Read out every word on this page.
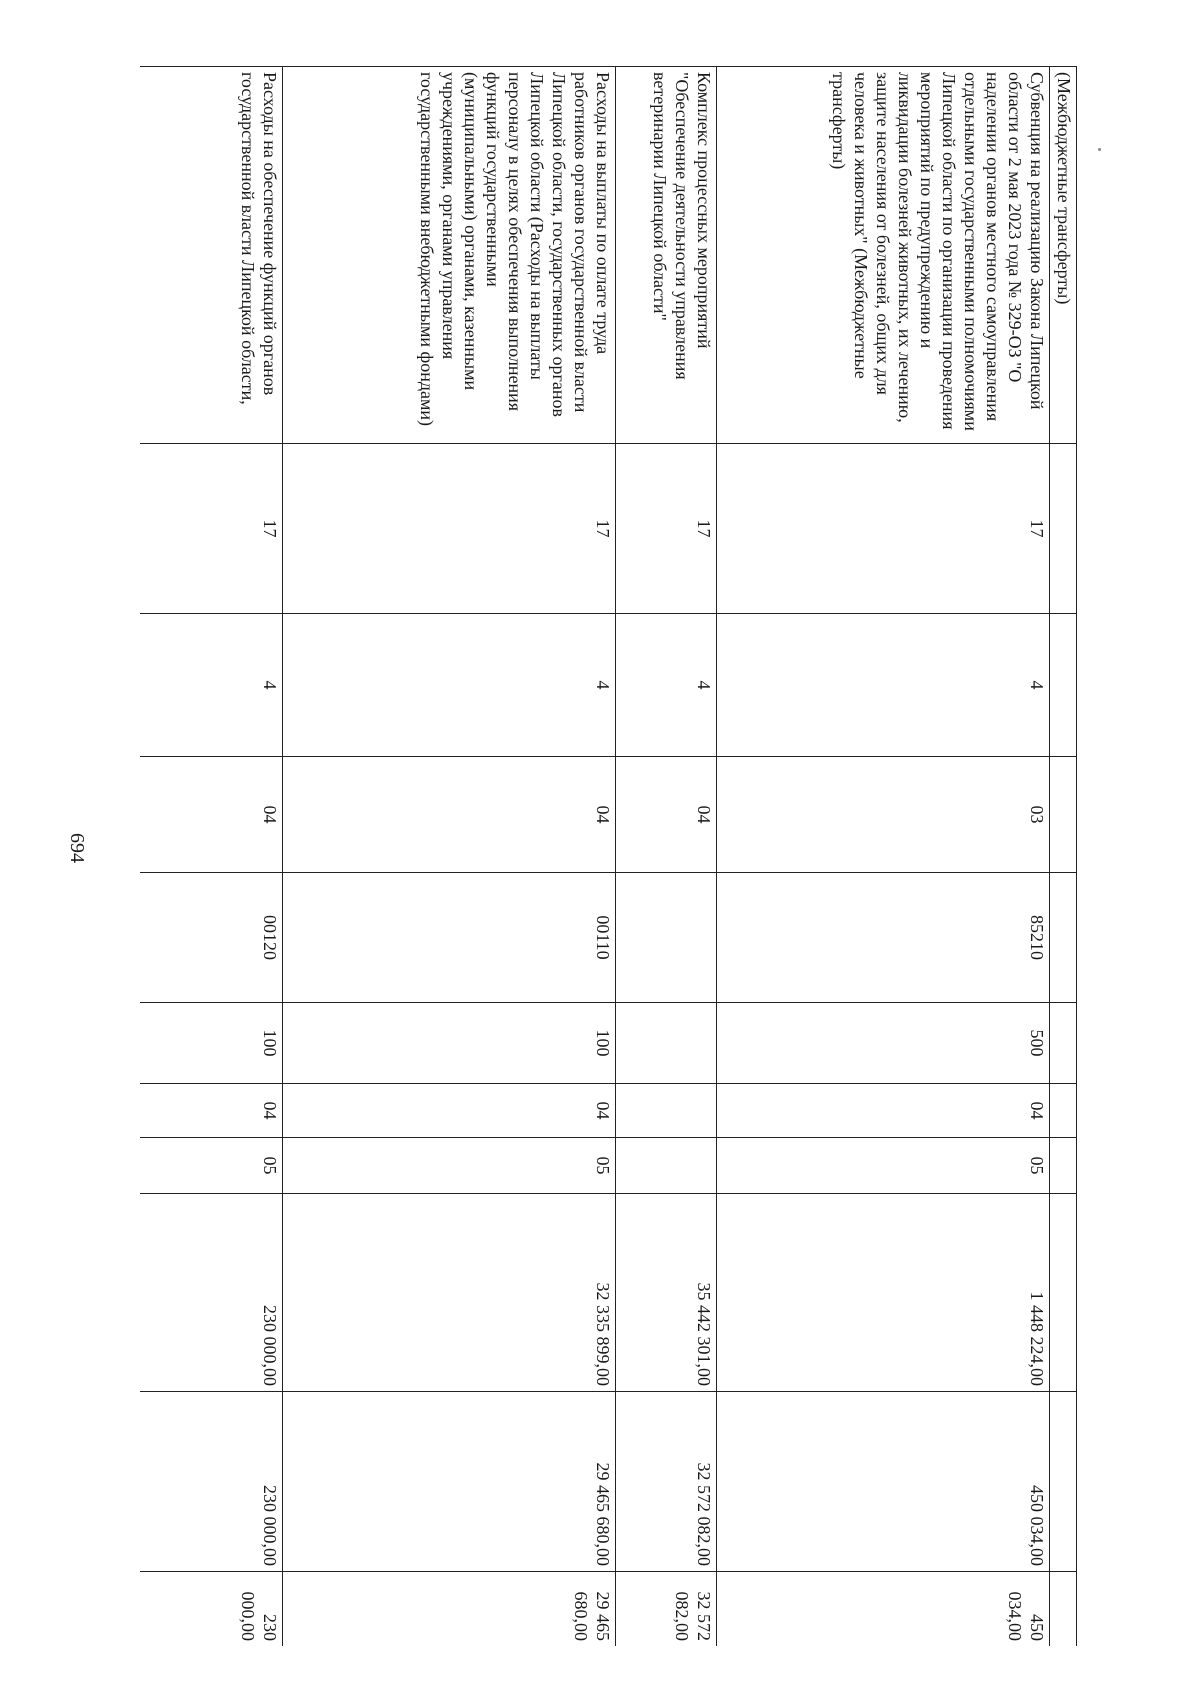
694
(Межбюджетные трансферты)										
Субвенция на реализацию Закона Липецкой области от 2 мая 2023 года № 329-ОЗ "О наделении органов местного самоуправления отдельными государственными полномочиями Липецкой области по организации проведения мероприятий по предупреждению и ликвидации болезней животных, их лечению, защите населения от болезней, общих для человека и животных" (Межбюджетные трансферты)	17	4	03	85210	500	04	05	1 448 224,00	450 034,00	450 034,00
Комплекс процессных мероприятий "Обеспечение деятельности управления ветеринарии Липецкой области"	17	4	04					35 442 301,00	32 572 082,00	32 572 082,00
Расходы на выплаты по оплате труда работников органов государственной власти Липецкой области, государственных органов Липецкой области (Расходы на выплаты персоналу в целях обеспечения выполнения функций государственными (муниципальными) органами, казенными учреждениями, органами управления государственными внебюджетными фондами)	17	4	04	00110	100	04	05	32 335 899,00	29 465 680,00	29 465 680,00
Расходы на обеспечение функций органов государственной власти Липецкой области,	17	4	04	00120	100	04	05	230 000,00	230 000,00	230 000,00
